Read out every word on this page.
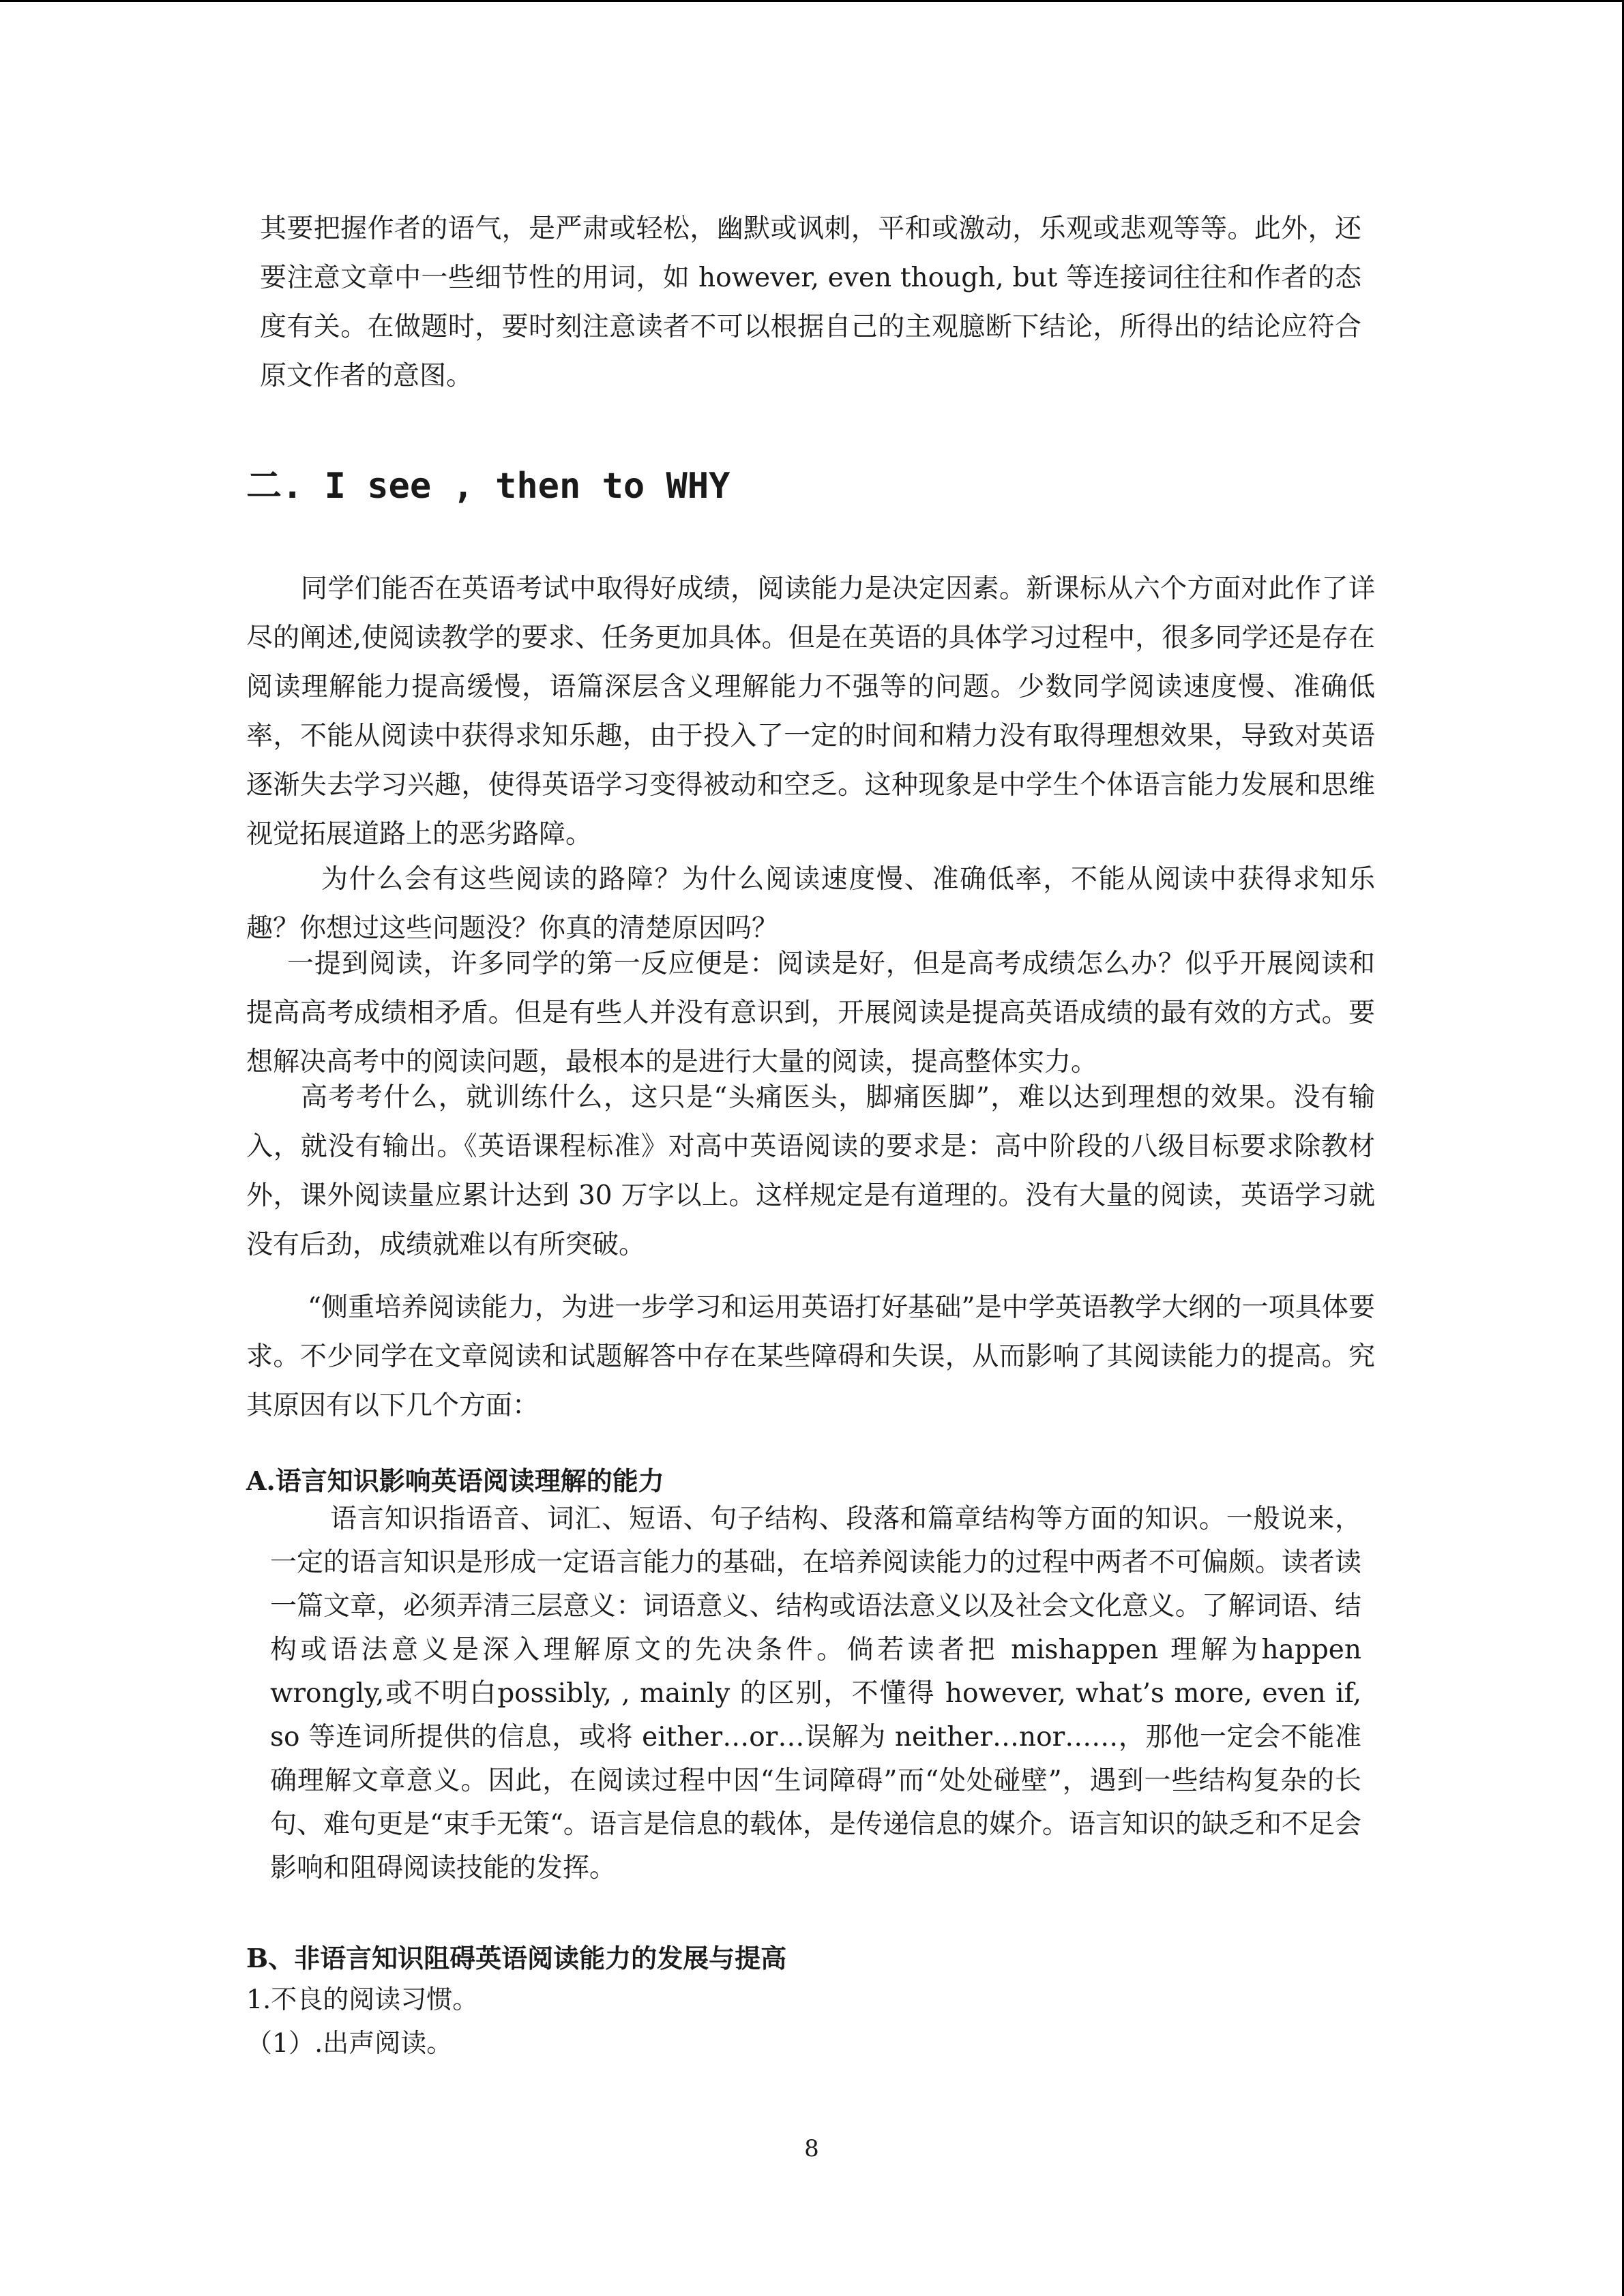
其要把握作者的语气，是严肃或轻松，幽默或讽刺，平和或激动，乐观或悲观等等。此外，还要注意文章中一些细节性的用词，如 however, even though, but 等连接词往往和作者的态度有关。在做题时，要时刻注意读者不可以根据自己的主观臆断下结论，所得出的结论应符合原文作者的意图。

二. I see , then to WHY

同学们能否在英语考试中取得好成绩，阅读能力是决定因素。新课标从六个方面对此作了详尽的阐述,使阅读教学的要求、任务更加具体。但是在英语的具体学习过程中，很多同学还是存在阅读理解能力提高缓慢，语篇深层含义理解能力不强等的问题。少数同学阅读速度慢、准确低率，不能从阅读中获得求知乐趣，由于投入了一定的时间和精力没有取得理想效果，导致对英语逐渐失去学习兴趣，使得英语学习变得被动和空乏。这种现象是中学生个体语言能力发展和思维视觉拓展道路上的恶劣路障。

为什么会有这些阅读的路障？为什么阅读速度慢、准确低率，不能从阅读中获得求知乐趣？你想过这些问题没？你真的清楚原因吗？

一提到阅读，许多同学的第一反应便是：阅读是好，但是高考成绩怎么办？似乎开展阅读和提高高考成绩相矛盾。但是有些人并没有意识到，开展阅读是提高英语成绩的最有效的方式。要想解决高考中的阅读问题，最根本的是进行大量的阅读，提高整体实力。

高考考什么，就训练什么，这只是“头痛医头，脚痛医脚”，难以达到理想的效果。没有输入，就没有输出。《英语课程标准》对高中英语阅读的要求是：高中阶段的八级目标要求除教材外，课外阅读量应累计达到 30 万字以上。这样规定是有道理的。没有大量的阅读，英语学习就没有后劲，成绩就难以有所突破。

“侧重培养阅读能力，为进一步学习和运用英语打好基础”是中学英语教学大纲的一项具体要求。不少同学在文章阅读和试题解答中存在某些障碍和失误，从而影响了其阅读能力的提高。究其原因有以下几个方面：

A.语言知识影响英语阅读理解的能力

语言知识指语音、词汇、短语、句子结构、段落和篇章结构等方面的知识。一般说来，一定的语言知识是形成一定语言能力的基础，在培养阅读能力的过程中两者不可偏颇。读者读一篇文章，必须弄清三层意义：词语意义、结构或语法意义以及社会文化意义。了解词语、结构或语法意义是深入理解原文的先决条件。倘若读者把 mishappen 理解为happen wrongly,或不明白possibly, , mainly 的区别，不懂得 however, what’s more, even if, so 等连词所提供的信息，或将 either…or…误解为 neither…nor……，那他一定会不能准确理解文章意义。因此，在阅读过程中因“生词障碍”而“处处碰壁”，遇到一些结构复杂的长句、难句更是“束手无策“。语言是信息的载体，是传递信息的媒介。语言知识的缺乏和不足会影响和阻碍阅读技能的发挥。

B、非语言知识阻碍英语阅读能力的发展与提高
1.不良的阅读习惯。
（1）.出声阅读。
8
